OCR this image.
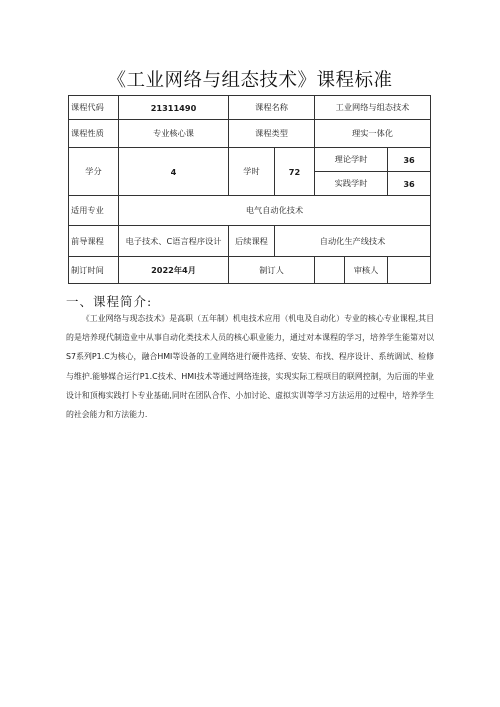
《工业网络与组态技术》课程标准
课程代码	21311490	课程名称		工业网络与组态技术		
课程性质	专业核心课	课程类型		理实一体化		
学分	4	学时	72	理论学时		36
				实践学时		36
适用专业	电气自动化技术					
前导课程	电子技术、C语言程序设计	后续课程	自动化生产线技术			
制订时间	2022年4月	制订人			审核人	
一、课程简介:

《工业网络与现态技术》是高职（五年制）机电技术应用（机电及自动化）专业的核心专业课程,其目的是培养现代制造业中从事自动化类技术人员的核心职业能力，通过对本课程的学习，培养学生能第对以S7系列P1.C为核心，融合HMI等设备的工业网络进行硬件选择、安装、布找、程序设计、系统调试、检修与维护.能够媒合运行P1.C技术、HMI技术等通过网络连接，实现实际工程项目的联网控制，为后面的毕业设计和顶梅实践打卜专业基础,同时在团队合作、小加讨论、虚拟实训等学习方法运用的过程中，培养学生的社会能力和方法能力.
